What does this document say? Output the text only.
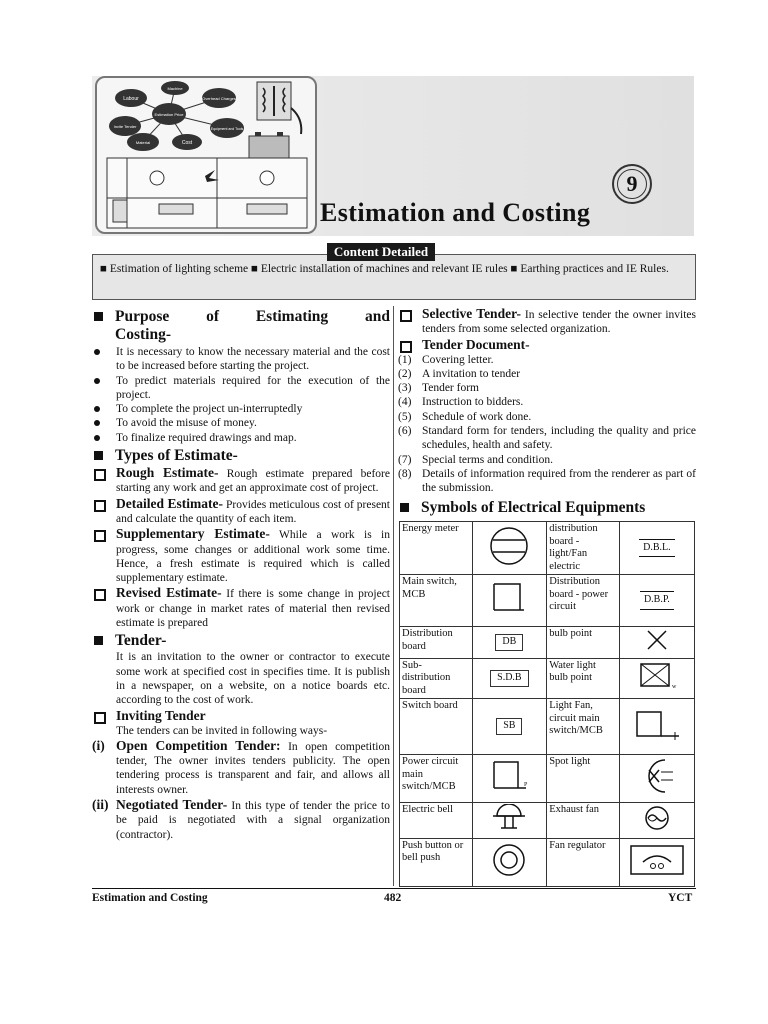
Labour
Machine
Overhead Charges
Estimation Price
Invite Tender	Equipment and Tools
Cost
Material
9
Estimation and Costing
Content Detailed
■ Estimation of lighting scheme ■ Electric installation of machines and relevant IE rules ■ Earthing practices and IE Rules.
Purpose of Estimating and
Costing-
It is necessary to know the necessary material and the cost to be increased before starting the project.
To predict materials required for the execution of the project.
To complete the project un-interruptedly
To avoid the misuse of money.
To finalize required drawings and map.
Types of Estimate-
Rough Estimate- Rough estimate prepared before starting any work and get an approximate cost of project.
Detailed Estimate- Provides meticulous cost of present and calculate the quantity of each item.
Supplementary Estimate- While a work is in progress, some changes or additional work some time. Hence, a fresh estimate is required which is called supplementary estimate.
Revised Estimate- If there is some change in project work or change in market rates of material then revised estimate is prepared
Tender-
It is an invitation to the owner or contractor to execute some work at specified cost in specifies time. It is publish in a newspaper, on a website, on a notice boards etc. according to the cost of work.
Inviting Tender
The tenders can be invited in following ways-
(i) Open Competition Tender: In open competition tender, The owner invites tenders publicity. The open tendering process is transparent and fair, and allows all interests owner.
(ii) Negotiated Tender- In this type of tender the price to be paid is negotiated with a signal organization (contractor).
Selective Tender- In selective tender the owner invites tenders from some selected organization.
Tender Document-
(1) Covering letter.
(2) A invitation to tender
(3) Tender form
(4) Instruction to bidders.
(5) Schedule of work done.
(6) Standard form for tenders, including the quality and price schedules, health and safety.
(7) Special terms and condition.
(8) Details of information required from the renderer as part of the submission.
Symbols of Electrical Equipments
Energy meter		distribution board - light/Fan electric	D.B.L.
Main switch, MCB		Distribution board - power circuit	D.B.P.
Distribution board	DB	bulb point	
Sub-distribution board	S.D.B	Water light bulb point	w

Switch board	SB	Light Fan, circuit main switch/MCB	
Power circuit main switch/MCB	P	Spot light	
Electric bell		Exhaust fan	
Push button or bell push		Fan regulator	
Estimation and Costing	482	YCT
